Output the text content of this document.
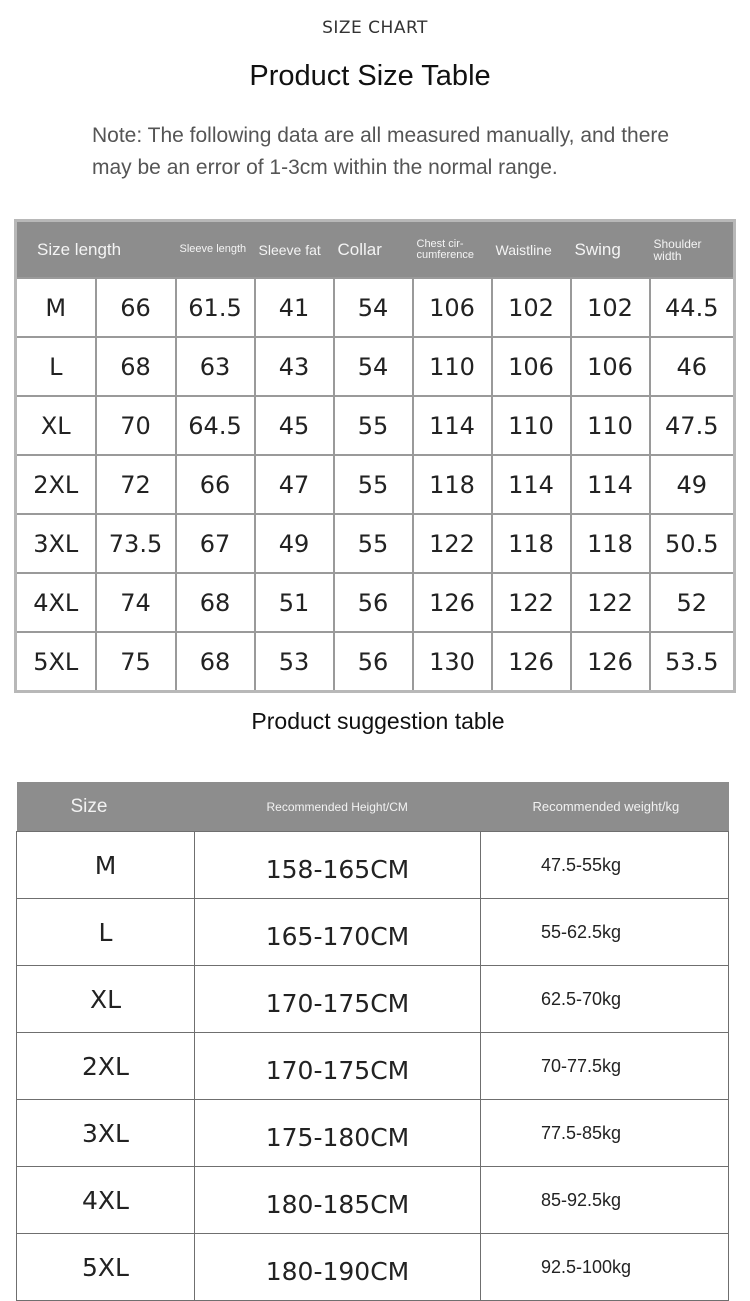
SIZE CHART
Product Size Table
Note: The following data are all measured manually, and there may be an error of 1-3cm within the normal range.
Size length		Sleeve length	Sleeve fat	Collar	Chest cir-cumference	Waistline	Swing	Shoulder width
M	66	61.5	41	54	106	102	102	44.5
L	68	63	43	54	110	106	106	46
XL	70	64.5	45	55	114	110	110	47.5
2XL	72	66	47	55	118	114	114	49
3XL	73.5	67	49	55	122	118	118	50.5
4XL	74	68	51	56	126	122	122	52
5XL	75	68	53	56	130	126	126	53.5
Product suggestion table
Size	Recommended Height/CM	Recommended weight/kg
M	158-165CM	47.5-55kg
L	165-170CM	55-62.5kg
XL	170-175CM	62.5-70kg
2XL	170-175CM	70-77.5kg
3XL	175-180CM	77.5-85kg
4XL	180-185CM	85-92.5kg
5XL	180-190CM	92.5-100kg
